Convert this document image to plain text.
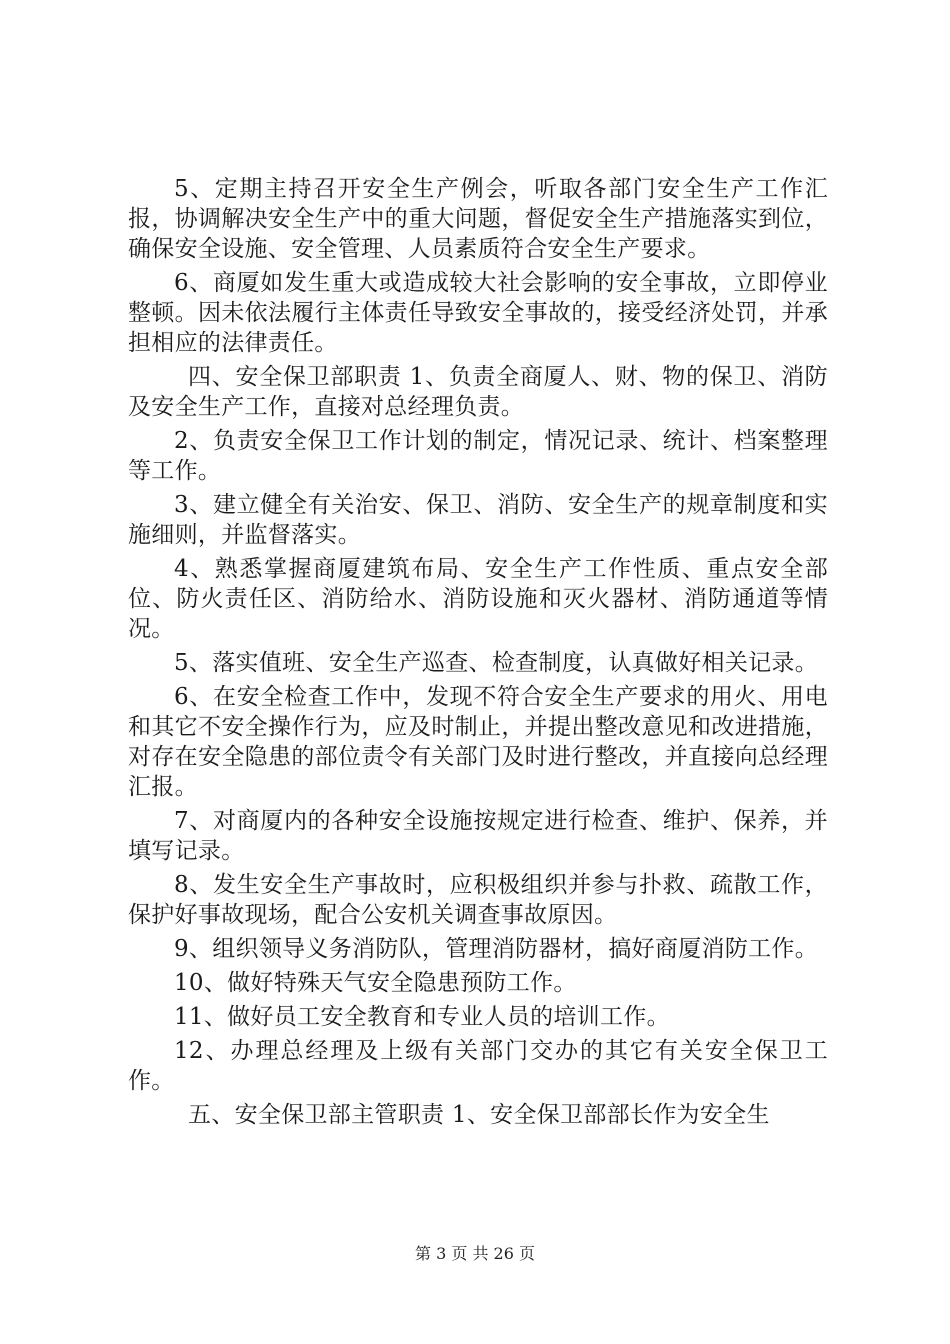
5、定期主持召开安全生产例会，听取各部门安全生产工作汇报，协调解决安全生产中的重大问题，督促安全生产措施落实到位，确保安全设施、安全管理、人员素质符合安全生产要求。

6、商厦如发生重大或造成较大社会影响的安全事故，立即停业整顿。因未依法履行主体责任导致安全事故的，接受经济处罚，并承担相应的法律责任。

四、安全保卫部职责 1、负责全商厦人、财、物的保卫、消防及安全生产工作，直接对总经理负责。

2、负责安全保卫工作计划的制定，情况记录、统计、档案整理等工作。

3、建立健全有关治安、保卫、消防、安全生产的规章制度和实施细则，并监督落实。

4、熟悉掌握商厦建筑布局、安全生产工作性质、重点安全部位、防火责任区、消防给水、消防设施和灭火器材、消防通道等情况。

5、落实值班、安全生产巡查、检查制度，认真做好相关记录。

6、在安全检查工作中，发现不符合安全生产要求的用火、用电和其它不安全操作行为，应及时制止，并提出整改意见和改进措施，对存在安全隐患的部位责令有关部门及时进行整改，并直接向总经理汇报。

7、对商厦内的各种安全设施按规定进行检查、维护、保养，并填写记录。

8、发生安全生产事故时，应积极组织并参与扑救、疏散工作，保护好事故现场，配合公安机关调查事故原因。

9、组织领导义务消防队，管理消防器材，搞好商厦消防工作。

10、做好特殊天气安全隐患预防工作。

11、做好员工安全教育和专业人员的培训工作。

12、办理总经理及上级有关部门交办的其它有关安全保卫工作。

五、安全保卫部主管职责 1、安全保卫部部长作为安全生

第 3 页 共 26 页
